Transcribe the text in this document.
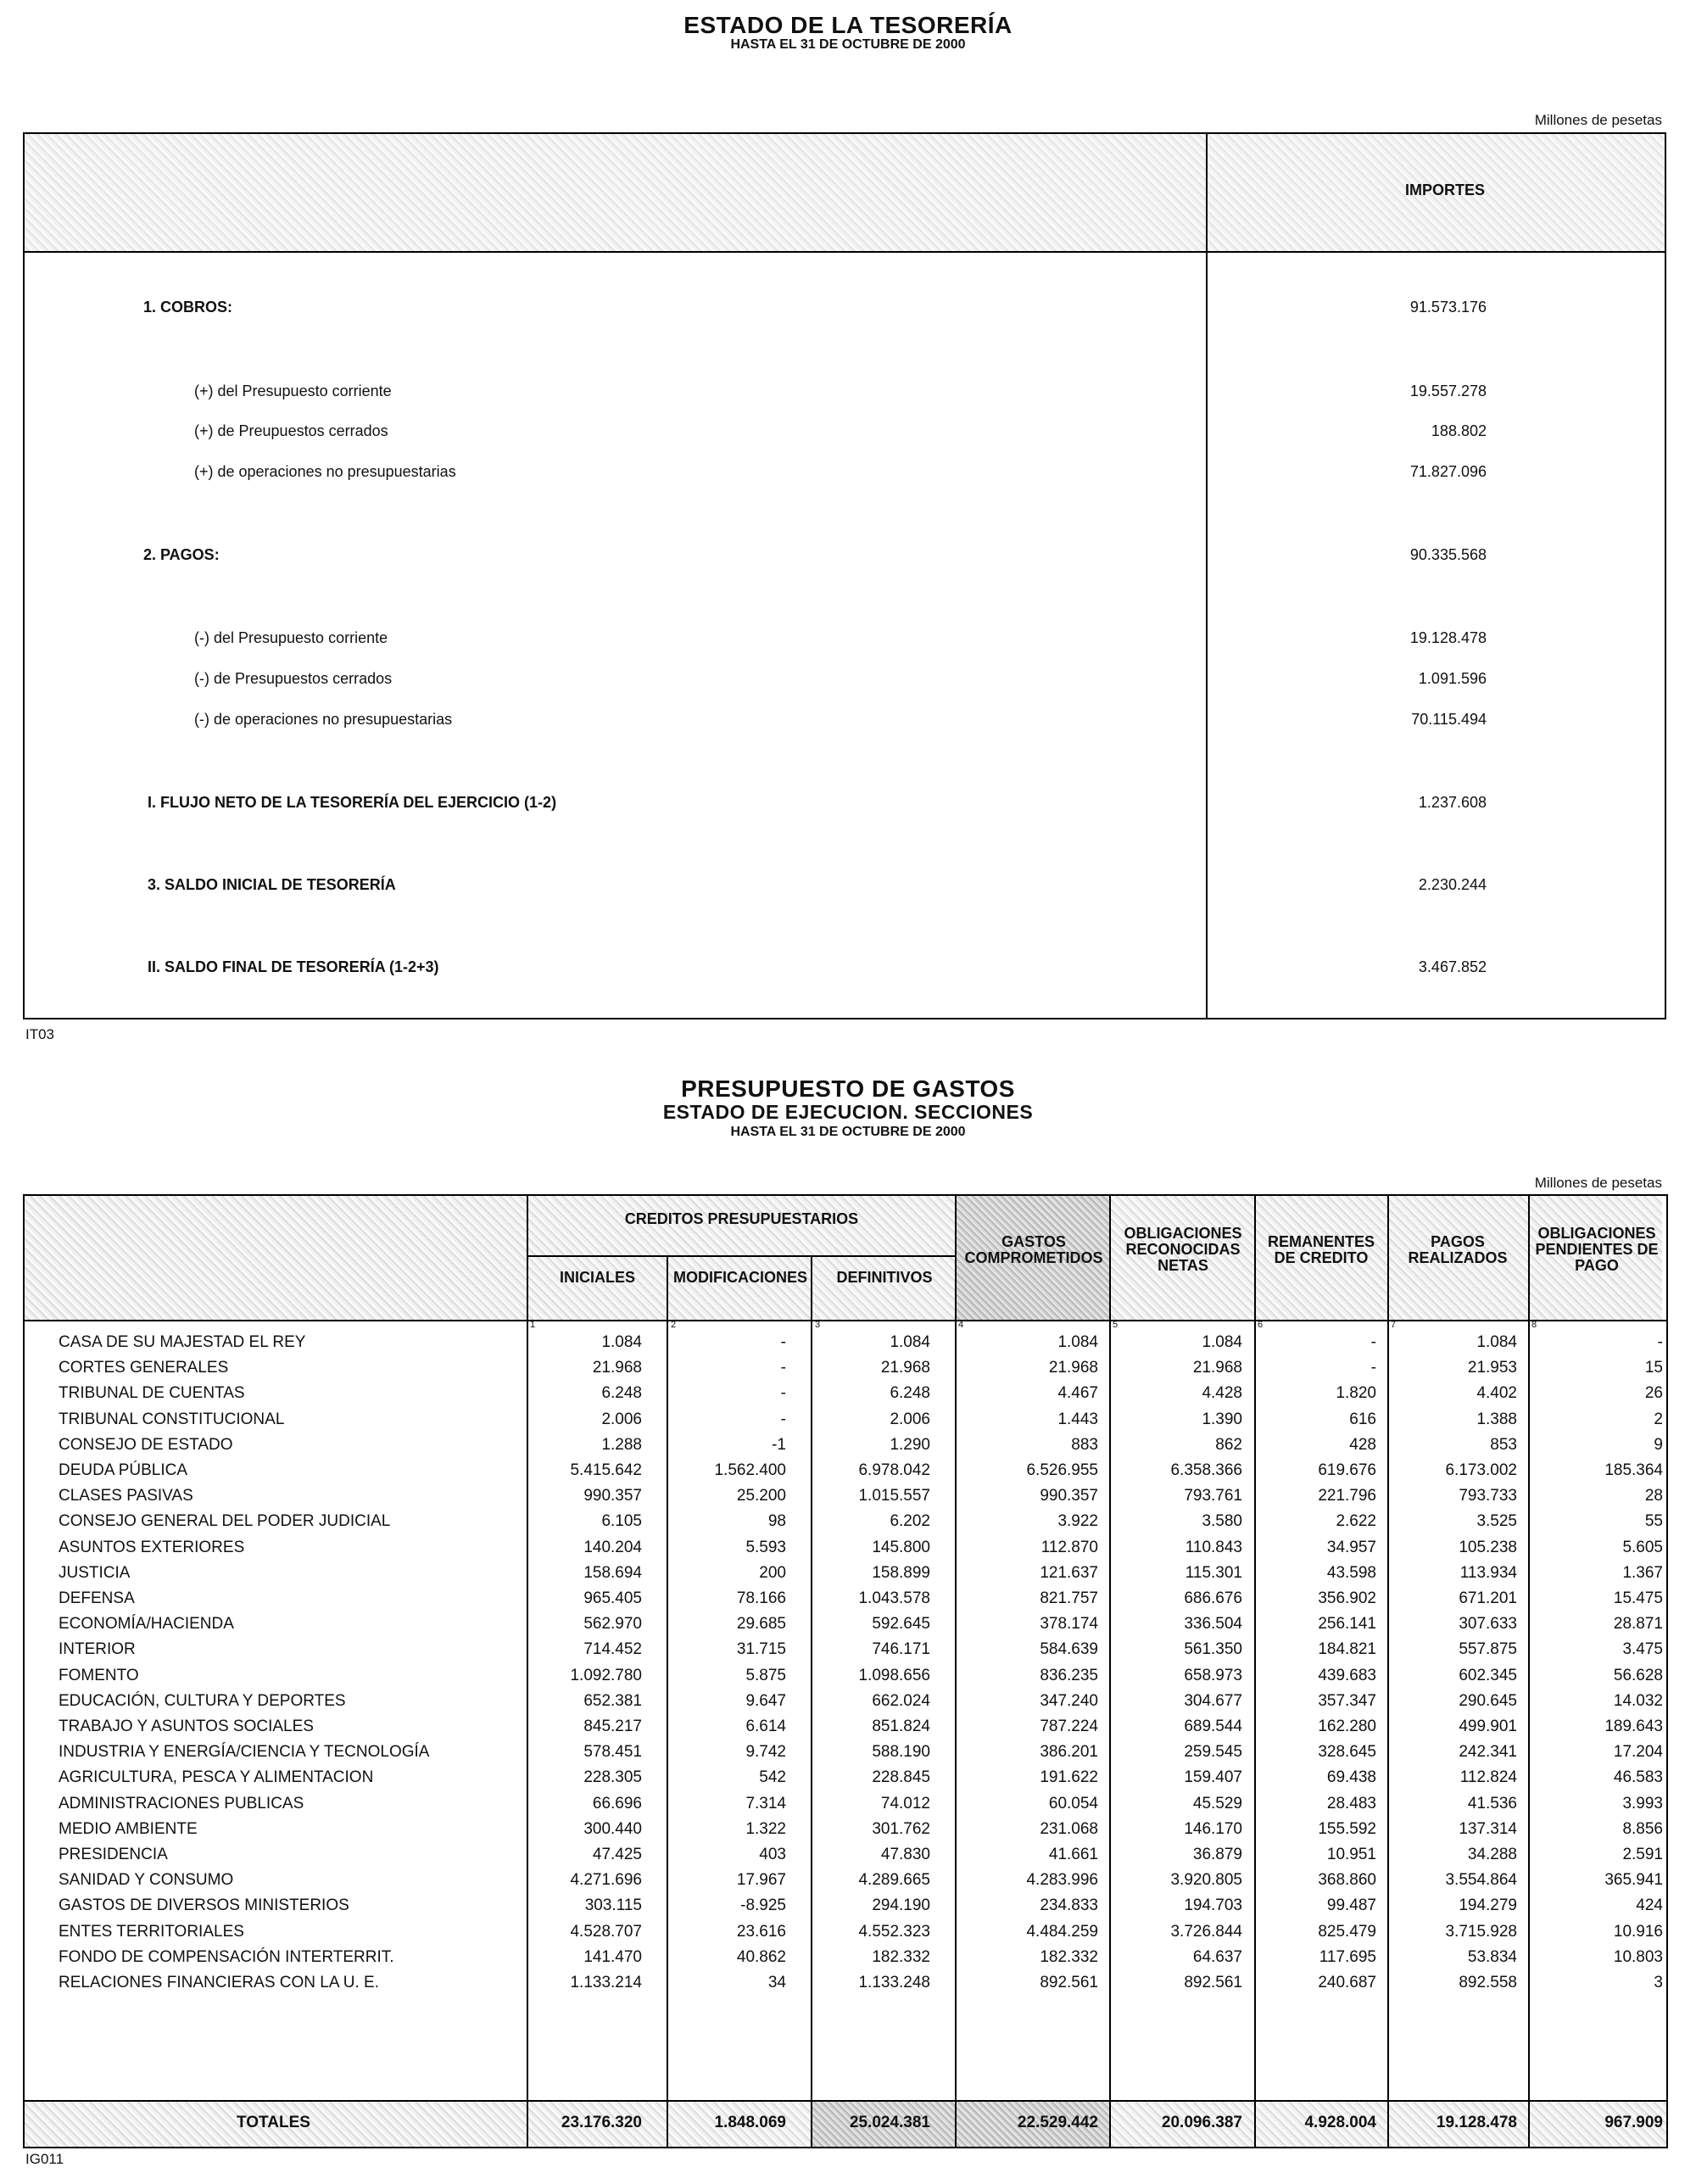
ESTADO DE LA TESORERÍA
HASTA EL 31 DE OCTUBRE DE 2000
Millones de pesetas
IMPORTES
1. COBROS:	91.573.176
(+) del Presupuesto corriente	19.557.278
(+) de Preupuestos cerrados	188.802
(+) de operaciones no presupuestarias	71.827.096
2. PAGOS:	90.335.568
(-) del Presupuesto corriente	19.128.478
(-) de Presupuestos cerrados	1.091.596
(-) de operaciones no presupuestarias	70.115.494
I. FLUJO NETO DE LA TESORERÍA DEL EJERCICIO (1-2)	1.237.608
3. SALDO INICIAL DE TESORERÍA	2.230.244
II. SALDO FINAL DE TESORERÍA (1-2+3)	3.467.852
IT03
PRESUPUESTO DE GASTOS
ESTADO DE EJECUCION. SECCIONES
HASTA EL 31 DE OCTUBRE DE 2000
Millones de pesetas
CREDITOS PRESUPUESTARIOS
INICIALES	MODIFICACIONES	DEFINITIVOS
GASTOS COMPROMETIDOS
OBLIGACIONES RECONOCIDAS NETAS
REMANENTES DE CREDITO
PAGOS REALIZADOS
OBLIGACIONES PENDIENTES DE PAGO
1	2	3	4	5	6	7	8
CASA DE SU MAJESTAD EL REY	1.084	-	1.084	1.084	1.084	-	1.084	-
CORTES GENERALES	21.968	-	21.968	21.968	21.968	-	21.953	15
TRIBUNAL DE CUENTAS	6.248	-	6.248	4.467	4.428	1.820	4.402	26
TRIBUNAL CONSTITUCIONAL	2.006	-	2.006	1.443	1.390	616	1.388	2
CONSEJO DE ESTADO	1.288	-1	1.290	883	862	428	853	9
DEUDA PÚBLICA	5.415.642	1.562.400	6.978.042	6.526.955	6.358.366	619.676	6.173.002	185.364
CLASES PASIVAS	990.357	25.200	1.015.557	990.357	793.761	221.796	793.733	28
CONSEJO GENERAL DEL PODER JUDICIAL	6.105	98	6.202	3.922	3.580	2.622	3.525	55
ASUNTOS EXTERIORES	140.204	5.593	145.800	112.870	110.843	34.957	105.238	5.605
JUSTICIA	158.694	200	158.899	121.637	115.301	43.598	113.934	1.367
DEFENSA	965.405	78.166	1.043.578	821.757	686.676	356.902	671.201	15.475
ECONOMÍA/HACIENDA	562.970	29.685	592.645	378.174	336.504	256.141	307.633	28.871
INTERIOR	714.452	31.715	746.171	584.639	561.350	184.821	557.875	3.475
FOMENTO	1.092.780	5.875	1.098.656	836.235	658.973	439.683	602.345	56.628
EDUCACIÓN, CULTURA Y DEPORTES	652.381	9.647	662.024	347.240	304.677	357.347	290.645	14.032
TRABAJO Y ASUNTOS SOCIALES	845.217	6.614	851.824	787.224	689.544	162.280	499.901	189.643
INDUSTRIA Y ENERGÍA/CIENCIA Y TECNOLOGÍA	578.451	9.742	588.190	386.201	259.545	328.645	242.341	17.204
AGRICULTURA, PESCA Y ALIMENTACION	228.305	542	228.845	191.622	159.407	69.438	112.824	46.583
ADMINISTRACIONES PUBLICAS	66.696	7.314	74.012	60.054	45.529	28.483	41.536	3.993
MEDIO AMBIENTE	300.440	1.322	301.762	231.068	146.170	155.592	137.314	8.856
PRESIDENCIA	47.425	403	47.830	41.661	36.879	10.951	34.288	2.591
SANIDAD Y CONSUMO	4.271.696	17.967	4.289.665	4.283.996	3.920.805	368.860	3.554.864	365.941
GASTOS DE DIVERSOS MINISTERIOS	303.115	-8.925	294.190	234.833	194.703	99.487	194.279	424
ENTES TERRITORIALES	4.528.707	23.616	4.552.323	4.484.259	3.726.844	825.479	3.715.928	10.916
FONDO DE COMPENSACIÓN INTERTERRIT.	141.470	40.862	182.332	182.332	64.637	117.695	53.834	10.803
RELACIONES FINANCIERAS CON LA U. E.	1.133.214	34	1.133.248	892.561	892.561	240.687	892.558	3
TOTALES	23.176.320	1.848.069	25.024.381	22.529.442	20.096.387	4.928.004	19.128.478	967.909
IG011
